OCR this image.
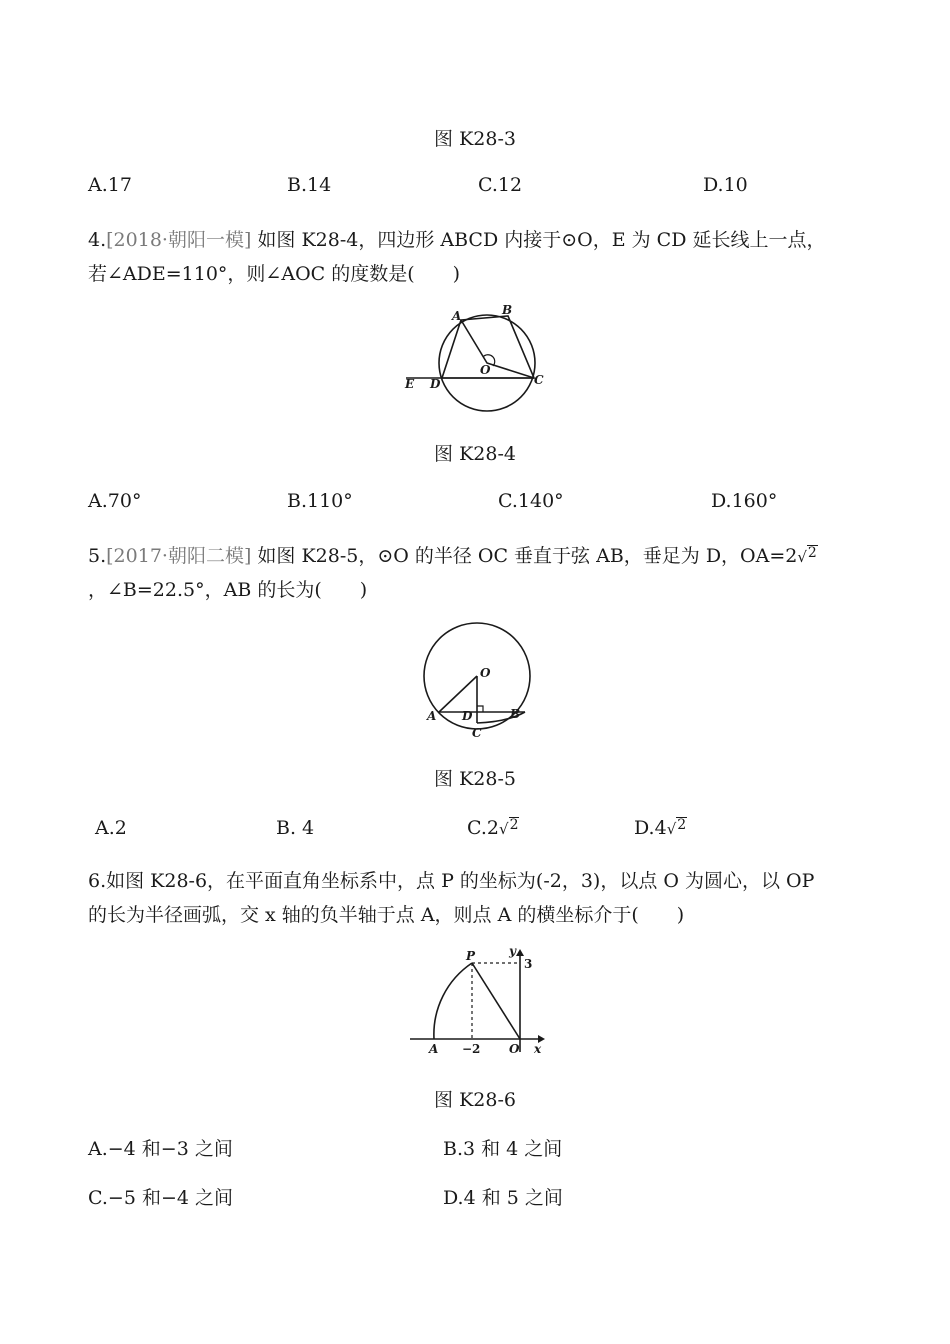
图 K28-3
A.17	B.14	C.12	D.10
4.[2018·朝阳一模] 如图 K28-4，四边形 ABCD 内接于⊙O，E 为 CD 延长线上一点，
若∠ADE=110°，则∠AOC 的度数是(　　)
A	B
C
D
E
O
图 K28-4
A.70°	B.110°	C.140°	D.160°
5.[2017·朝阳二模] 如图 K28-5，⊙O 的半径 OC 垂直于弦 AB，垂足为 D，OA=2√2
，∠B=22.5°，AB 的长为(　　)
O
A D	B
C
图 K28-5
A.2	B. 4	C.2√2	D.4√2
6.如图 K28-6，在平面直角坐标系中，点 P 的坐标为(-2，3)，以点 O 为圆心，以 OP
的长为半径画弧，交 x 轴的负半轴于点 A，则点 A 的横坐标介于(　　)
P
A −2 O x
y
3
图 K28-6
A.−4 和−3 之间	B.3 和 4 之间
C.−5 和−4 之间	D.4 和 5 之间
